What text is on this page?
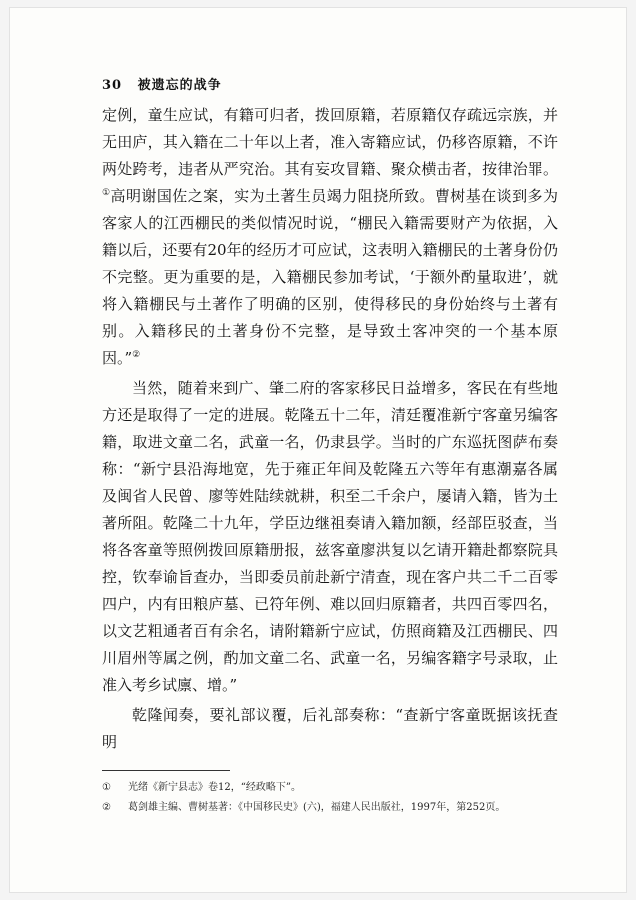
30 被遗忘的战争

定例，童生应试，有籍可归者，拨回原籍，若原籍仅存疏远宗族，并无田庐，其入籍在二十年以上者，准入寄籍应试，仍移咨原籍，不许两处跨考，违者从严究治。其有妄攻冒籍、聚众横击者，按律治罪。①高明谢国佐之案，实为土著生员竭力阻挠所致。曹树基在谈到多为客家人的江西棚民的类似情况时说，“棚民入籍需要财产为依据，入籍以后，还要有20年的经历才可应试，这表明入籍棚民的土著身份仍不完整。更为重要的是，入籍棚民参加考试，‘于额外酌量取进’，就将入籍棚民与土著作了明确的区别，使得移民的身份始终与土著有别。入籍移民的土著身份不完整，是导致土客冲突的一个基本原因。”②

当然，随着来到广、肇二府的客家移民日益增多，客民在有些地方还是取得了一定的进展。乾隆五十二年，清廷覆准新宁客童另编客籍，取进文童二名，武童一名，仍隶县学。当时的广东巡抚图萨布奏称：“新宁县沿海地宽，先于雍正年间及乾隆五六等年有惠潮嘉各属及闽省人民曾、廖等姓陆续就耕，积至二千余户，屡请入籍，皆为土著所阻。乾隆二十九年，学臣边继祖奏请入籍加额，经部臣驳查，当将各客童等照例拨回原籍册报，兹客童廖洪复以乞请开籍赴都察院具控，钦奉谕旨查办，当即委员前赴新宁清查，现在客户共二千二百零四户，内有田粮庐墓、已符年例、难以回归原籍者，共四百零四名，以文艺粗通者百有余名，请附籍新宁应试，仿照商籍及江西棚民、四川眉州等属之例，酌加文童二名、武童一名，另编客籍字号录取，止准入考乡试廪、增。”

乾隆闻奏，要礼部议覆，后礼部奏称：“查新宁客童既据该抚查明

①	光绪《新宁县志》卷12，“经政略下”。
②	葛剑雄主编、曹树基著：《中国移民史》(六)，福建人民出版社，1997年，第252页。
